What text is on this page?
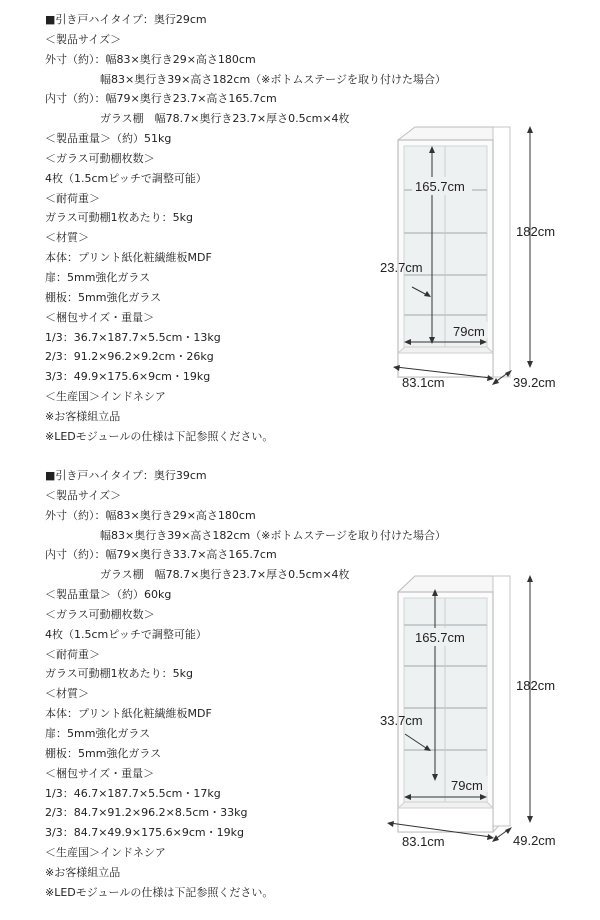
■引き戸ハイタイプ：奥行29cm
＜製品サイズ＞
外寸（約）：幅83×奥行き29×高さ180cm
幅83×奥行き39×高さ182cm（※ボトムステージを取り付けた場合）
内寸（約）：幅79×奥行き23.7×高さ165.7cm
ガラス棚　幅78.7×奥行き23.7×厚さ0.5cm×4枚
＜製品重量＞（約）51kg
＜ガラス可動棚枚数＞
4枚（1.5cmピッチで調整可能）
＜耐荷重＞
ガラス可動棚1枚あたり：5kg
＜材質＞
本体：プリント紙化粧繊維板MDF
扉：5mm強化ガラス
棚板：5mm強化ガラス
＜梱包サイズ・重量＞
1/3：36.7×187.7×5.5cm・13kg
2/3：91.2×96.2×9.2cm・26kg
3/3：49.9×175.6×9cm・19kg
＜生産国＞インドネシア
※お客様組立品
※LEDモジュールの仕様は下記参照ください。
165.7cm
182cm
23.7cm
79cm
83.1cm	39.2cm
■引き戸ハイタイプ：奥行39cm
＜製品サイズ＞
外寸（約）：幅83×奥行き29×高さ180cm
幅83×奥行き39×高さ182cm（※ボトムステージを取り付けた場合）
内寸（約）：幅79×奥行き33.7×高さ165.7cm
ガラス棚　幅78.7×奥行き23.7×厚さ0.5cm×4枚
＜製品重量＞（約）60kg
＜ガラス可動棚枚数＞
4枚（1.5cmピッチで調整可能）
＜耐荷重＞
ガラス可動棚1枚あたり：5kg
＜材質＞
本体：プリント紙化粧繊維板MDF
扉：5mm強化ガラス
棚板：5mm強化ガラス
＜梱包サイズ・重量＞
1/3：46.7×187.7×5.5cm・17kg
2/3：84.7×91.2×96.2×8.5cm・33kg
3/3：84.7×49.9×175.6×9cm・19kg
＜生産国＞インドネシア
※お客様組立品
※LEDモジュールの仕様は下記参照ください。
165.7cm
182cm
33.7cm
79cm
83.1cm	49.2cm
